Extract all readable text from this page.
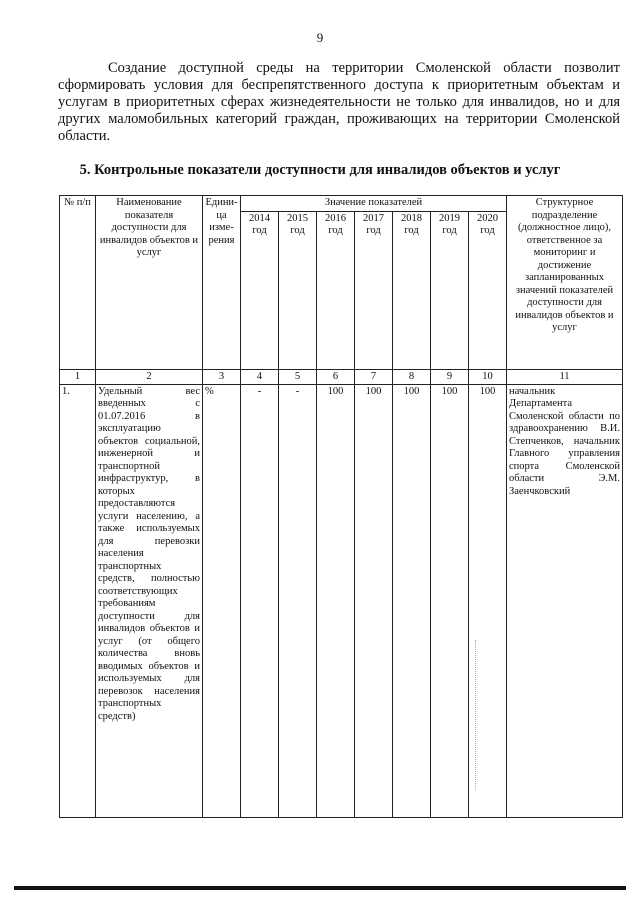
9

Создание доступной среды на территории Смоленской области позволит сформировать условия для беспрепятственного доступа к приоритетным объектам и услугам в приоритетных сферах жизнедеятельности не только для инвалидов, но и для других маломобильных категорий граждан, проживающих на территории Смоленской области.

5. Контрольные показатели доступности для инвалидов объектов и услуг
№ п/п	Наименование показателя доступности для инвалидов объектов и услуг	Едини-ца изме-рения	Значение показателей							Структурное подразделение (должностное лицо), ответственное за мониторинг и достижение запланированных значений показателей доступности для инвалидов объектов и услуг
			2014 год	2015 год	2016 год	2017 год	2018 год	2019 год	2020 год	
1	2	3	4	5	6	7	8	9	10	11
1.	Удельный вес введенных с 01.07.2016 в эксплуатацию объектов социальной, инженерной и транспортной инфраструктур, в которых предоставляются услуги населению, а также используемых для перевозки населения транспортных средств, полностью соответствующих требованиям доступности для инвалидов объектов и услуг (от общего количества вновь вводимых объектов и используемых для перевозок населения транспортных средств)	%	-	-	100	100	100	100	100	начальник Департамента Смоленской области по здравоохранению В.И. Степченков, начальник Главного управления спорта Смоленской области Э.М. Заенчковский
